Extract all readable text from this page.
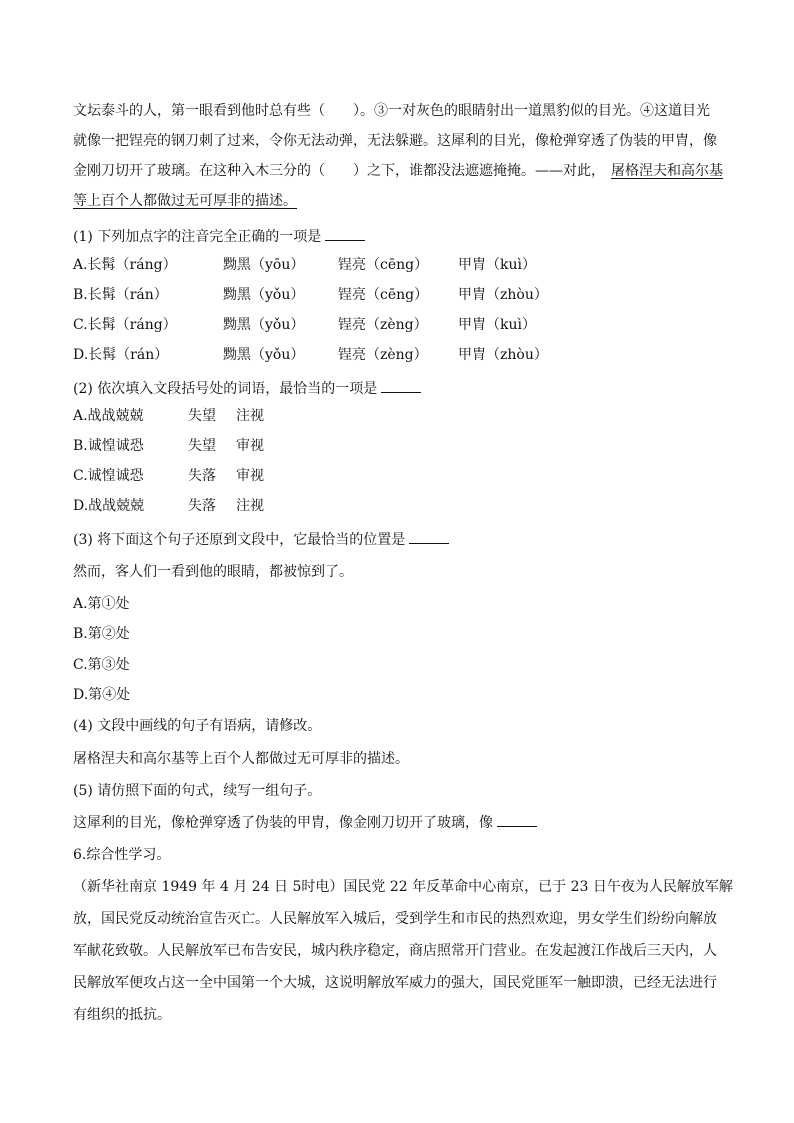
文坛泰斗的人，第一眼看到他时总有些（　　）。③一对灰色的眼睛射出一道黑豹似的目光。④这道目光
就像一把锃亮的钢刀刺了过来，令你无法动弹，无法躲避。这犀利的目光，像枪弹穿透了伪装的甲胄，像
金刚刀切开了玻璃。在这种入木三分的（　　）之下，谁都没法遮遮掩掩。——对此， 屠格涅夫和高尔基
等上百个人都做过无可厚非的描述。
(1) 下列加点字的注音完全正确的一项是
A.长髯（ráng）	黝黑（yōu） 锃亮（cēng） 甲胄（kuì）
B.长髯（rán）	黝黑（yǒu） 锃亮（cēng） 甲胄（zhòu）
C.长髯（ráng）	黝黑（yǒu） 锃亮（zèng） 甲胄（kuì）
D.长髯（rán）	黝黑（yǒu） 锃亮（zèng） 甲胄（zhòu）
(2) 依次填入文段括号处的词语，最恰当的一项是
A.战战兢兢	失望 注视
B.诚惶诚恐	失望 审视
C.诚惶诚恐	失落 审视
D.战战兢兢	失落 注视
(3) 将下面这个句子还原到文段中，它最恰当的位置是
然而，客人们一看到他的眼睛，都被惊到了。
A.第①处
B.第②处
C.第③处
D.第④处
(4) 文段中画线的句子有语病，请修改。
屠格涅夫和高尔基等上百个人都做过无可厚非的描述。
(5) 请仿照下面的句式，续写一组句子。
这犀利的目光，像枪弹穿透了伪装的甲胄，像金刚刀切开了玻璃，像
6.综合性学习。
（新华社南京 1949 年 4 月 24 日 5时电）国民党 22 年反革命中心南京，已于 23 日午夜为人民解放军解
放，国民党反动统治宣告灭亡。人民解放军入城后，受到学生和市民的热烈欢迎，男女学生们纷纷向解放
军献花致敬。人民解放军已布告安民，城内秩序稳定，商店照常开门营业。在发起渡江作战后三天内，人
民解放军便攻占这一全中国第一个大城，这说明解放军威力的强大，国民党匪军一触即溃，已经无法进行
有组织的抵抗。
